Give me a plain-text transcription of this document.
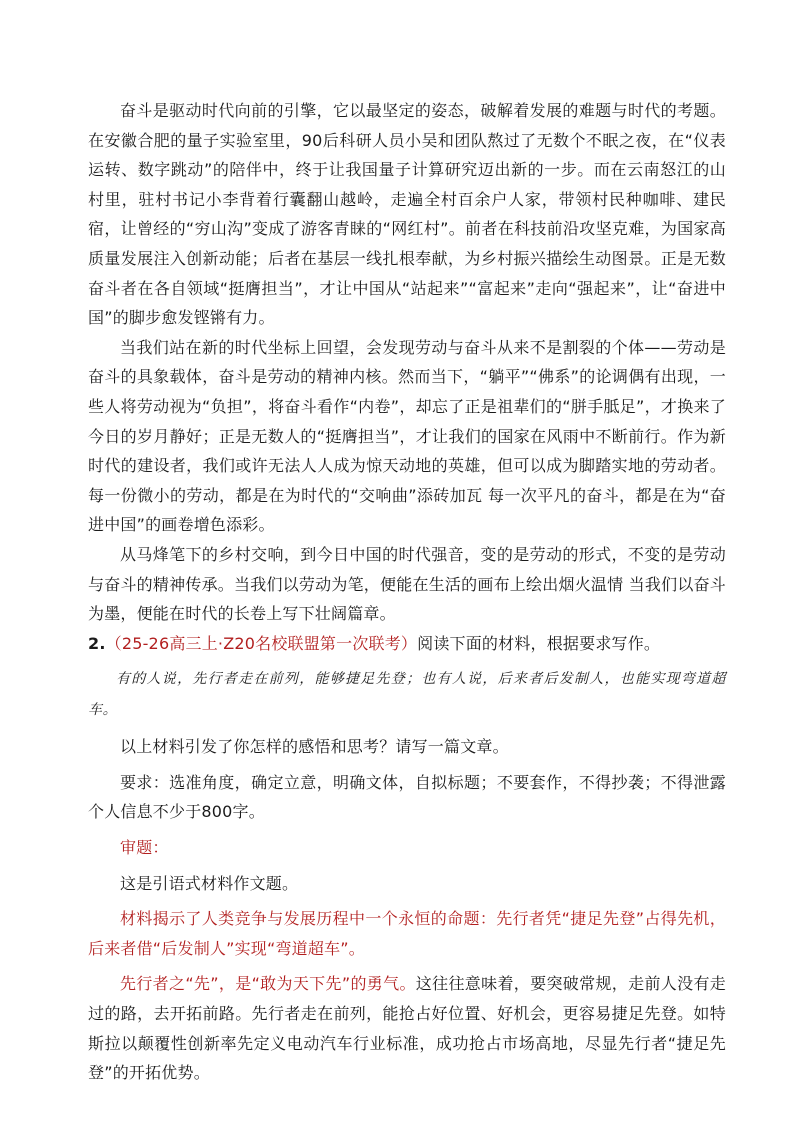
奋斗是驱动时代向前的引擎，它以最坚定的姿态，破解着发展的难题与时代的考题。在安徽合肥的量子实验室里，90后科研人员小吴和团队熬过了无数个不眠之夜，在“仪表运转、数字跳动”的陪伴中，终于让我国量子计算研究迈出新的一步。而在云南怒江的山村里，驻村书记小李背着行囊翻山越岭，走遍全村百余户人家，带领村民种咖啡、建民宿，让曾经的“穷山沟”变成了游客青睐的“网红村”。前者在科技前沿攻坚克难，为国家高质量发展注入创新动能；后者在基层一线扎根奉献，为乡村振兴描绘生动图景。正是无数奋斗者在各自领域“挺膺担当”，才让中国从“站起来”“富起来”走向“强起来”，让“奋进中国”的脚步愈发铿锵有力。

当我们站在新的时代坐标上回望，会发现劳动与奋斗从来不是割裂的个体——劳动是奋斗的具象载体，奋斗是劳动的精神内核。然而当下，“躺平”“佛系”的论调偶有出现，一些人将劳动视为“负担”，将奋斗看作“内卷”，却忘了正是祖辈们的“胼手胝足”，才换来了今日的岁月静好；正是无数人的“挺膺担当”，才让我们的国家在风雨中不断前行。作为新时代的建设者，我们或许无法人人成为惊天动地的英雄，但可以成为脚踏实地的劳动者。每一份微小的劳动，都是在为时代的“交响曲”添砖加瓦 每一次平凡的奋斗，都是在为“奋进中国”的画卷增色添彩。

从马烽笔下的乡村交响，到今日中国的时代强音，变的是劳动的形式，不变的是劳动与奋斗的精神传承。当我们以劳动为笔，便能在生活的画布上绘出烟火温情 当我们以奋斗为墨，便能在时代的长卷上写下壮阔篇章。

2.（25-26高三上·Z20名校联盟第一次联考）阅读下面的材料，根据要求写作。

有的人说，先行者走在前列，能够捷足先登；也有人说，后来者后发制人，也能实现弯道超车。

以上材料引发了你怎样的感悟和思考？请写一篇文章。

要求：选准角度，确定立意，明确文体，自拟标题；不要套作，不得抄袭；不得泄露个人信息不少于800字。

审题：

这是引语式材料作文题。

材料揭示了人类竞争与发展历程中一个永恒的命题：先行者凭“捷足先登”占得先机，后来者借“后发制人”实现“弯道超车”。

先行者之“先”，是“敢为天下先”的勇气。这往往意味着，要突破常规，走前人没有走过的路，去开拓前路。先行者走在前列，能抢占好位置、好机会，更容易捷足先登。如特斯拉以颠覆性创新率先定义电动汽车行业标准，成功抢占市场高地，尽显先行者“捷足先登”的开拓优势。
